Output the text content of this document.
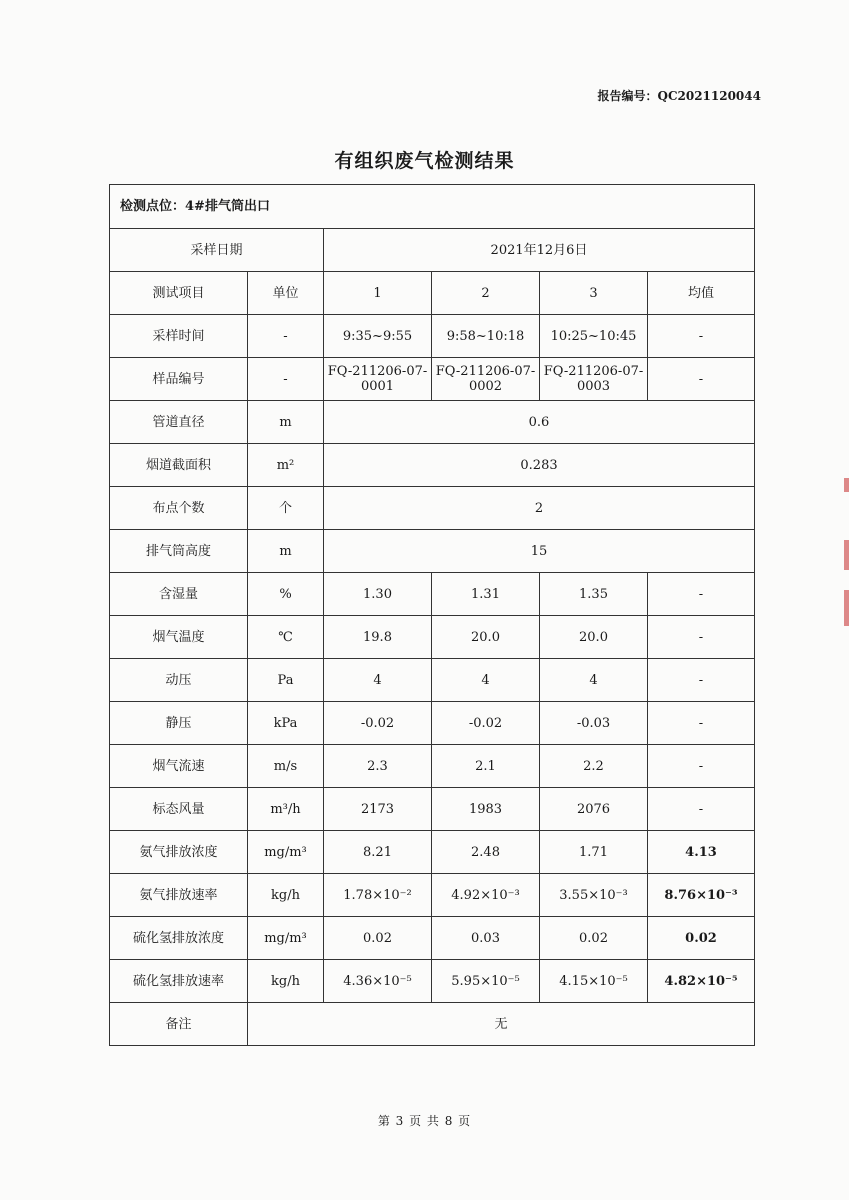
报告编号：QC2021120044
有组织废气检测结果
检测点位：4#排气筒出口					
采样日期		2021年12月6日			
测试项目	单位	1	2	3	均值
采样时间	-	9:35~9:55	9:58~10:18	10:25~10:45	-
样品编号	-	FQ-211206-07-0001	FQ-211206-07-0002	FQ-211206-07-0003	-
管道直径	m	0.6			
烟道截面积	m²	0.283			
布点个数	个	2			
排气筒高度	m	15			
含湿量	%	1.30	1.31	1.35	-
烟气温度	℃	19.8	20.0	20.0	-
动压	Pa	4	4	4	-
静压	kPa	-0.02	-0.02	-0.03	-
烟气流速	m/s	2.3	2.1	2.2	-
标态风量	m³/h	2173	1983	2076	-
氨气排放浓度	mg/m³	8.21	2.48	1.71	4.13
氨气排放速率	kg/h	1.78×10⁻²	4.92×10⁻³	3.55×10⁻³	8.76×10⁻³
硫化氢排放浓度	mg/m³	0.02	0.03	0.02	0.02
硫化氢排放速率	kg/h	4.36×10⁻⁵	5.95×10⁻⁵	4.15×10⁻⁵	4.82×10⁻⁵
备注	无				
第 3 页 共 8 页
